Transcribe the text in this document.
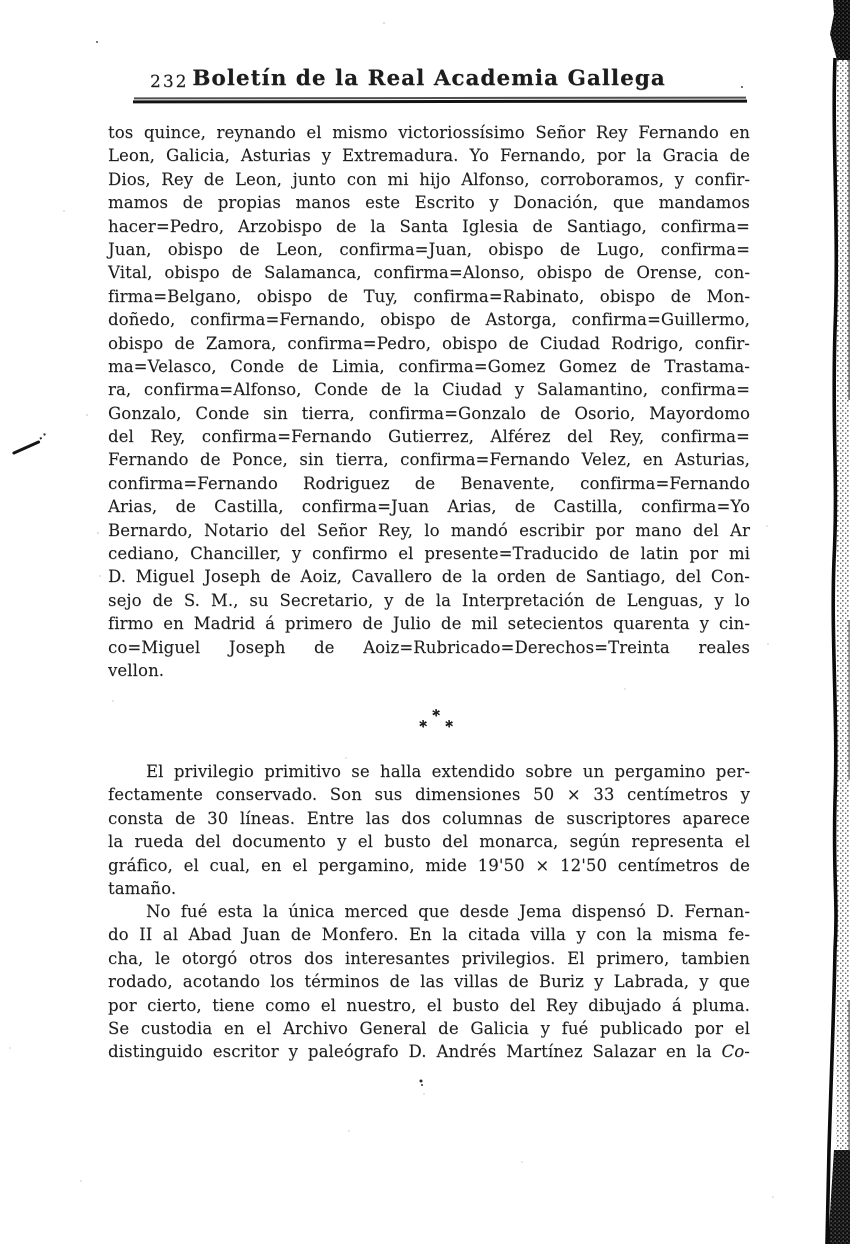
232 Boletín de la Real Academia Gallega
tos quince, reynando el mismo victoriossísimo Señor Rey Fernando en
Leon, Galicia, Asturias y Extremadura. Yo Fernando, por la Gracia de
Dios, Rey de Leon, junto con mi hijo Alfonso, corroboramos, y confir-
mamos de propias manos este Escrito y Donación, que mandamos
hacer=Pedro, Arzobispo de la Santa Iglesia de Santiago, confirma=
Juan, obispo de Leon, confirma=Juan, obispo de Lugo, confirma=
Vital, obispo de Salamanca, confirma=Alonso, obispo de Orense, con-
firma=Belgano, obispo de Tuy, confirma=Rabinato, obispo de Mon-
doñedo, confirma=Fernando, obispo de Astorga, confirma=Guillermo,
obispo de Zamora, confirma=Pedro, obispo de Ciudad Rodrigo, confir-
ma=Velasco, Conde de Limia, confirma=Gomez Gomez de Trastama-
ra, confirma=Alfonso, Conde de la Ciudad y Salamantino, confirma=
Gonzalo, Conde sin tierra, confirma=Gonzalo de Osorio, Mayordomo
del Rey, confirma=Fernando Gutierrez, Alférez del Rey, confirma=
Fernando de Ponce, sin tierra, confirma=Fernando Velez, en Asturias,
confirma=Fernando Rodriguez de Benavente, confirma=Fernando
Arias, de Castilla, confirma=Juan Arias, de Castilla, confirma=Yo
Bernardo, Notario del Señor Rey, lo mandó escribir por mano del Ar
cediano, Chanciller, y confirmo el presente=Traducido de latin por mi
D. Miguel Joseph de Aoiz, Cavallero de la orden de Santiago, del Con-
sejo de S. M., su Secretario, y de la Interpretación de Lenguas, y lo
firmo en Madrid á primero de Julio de mil setecientos quarenta y cin-
co=Miguel Joseph de Aoiz=Rubricado=Derechos=Treinta reales
vellon.
*
* *
El privilegio primitivo se halla extendido sobre un pergamino per-
fectamente conservado. Son sus dimensiones 50 × 33 centímetros y
consta de 30 líneas. Entre las dos columnas de suscriptores aparece
la rueda del documento y el busto del monarca, según representa el
gráfico, el cual, en el pergamino, mide 19'50 × 12'50 centímetros de
tamaño.
No fué esta la única merced que desde Jema dispensó D. Fernan-
do II al Abad Juan de Monfero. En la citada villa y con la misma fe-
cha, le otorgó otros dos interesantes privilegios. El primero, tambien
rodado, acotando los términos de las villas de Buriz y Labrada, y que
por cierto, tiene como el nuestro, el busto del Rey dibujado á pluma.
Se custodia en el Archivo General de Galicia y fué publicado por el
distinguido escritor y paleógrafo D. Andrés Martínez Salazar en la Co-
